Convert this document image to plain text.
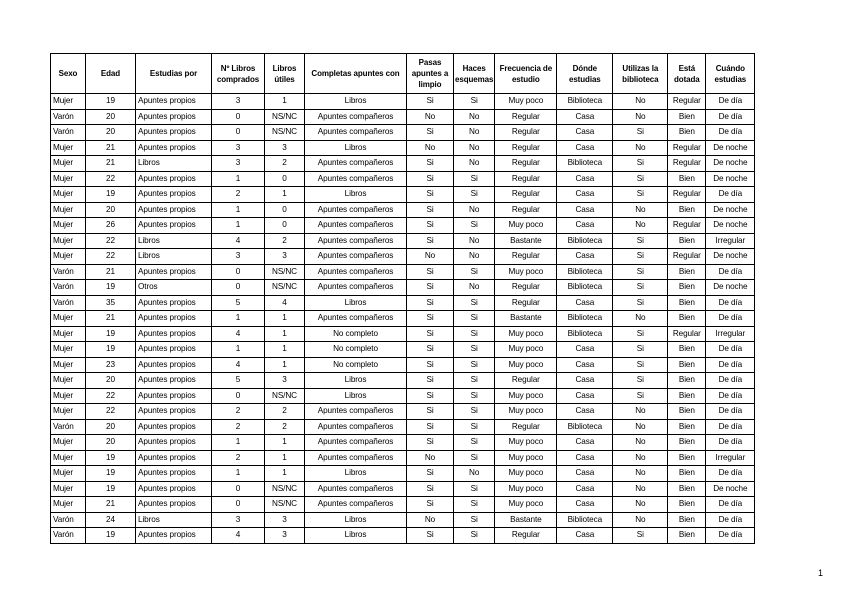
Sexo	Edad	Estudias por	Nº Libros comprados	Libros útiles	Completas apuntes con	Pasas apuntes a limpio	Haces esquemas	Frecuencia de estudio	Dónde estudias	Utilizas la biblioteca	Está dotada	Cuándo estudias
Mujer	19	Apuntes propios	3	1	Libros	Si	Si	Muy poco	Biblioteca	No	Regular	De día
Varón	20	Apuntes propios	0	NS/NC	Apuntes compañeros	No	No	Regular	Casa	No	Bien	De día
Varón	20	Apuntes propios	0	NS/NC	Apuntes compañeros	Si	No	Regular	Casa	Si	Bien	De día
Mujer	21	Apuntes propios	3	3	Libros	No	No	Regular	Casa	No	Regular	De noche
Mujer	21	Libros	3	2	Apuntes compañeros	Si	No	Regular	Biblioteca	Si	Regular	De noche
Mujer	22	Apuntes propios	1	0	Apuntes compañeros	Si	Si	Regular	Casa	Si	Bien	De noche
Mujer	19	Apuntes propios	2	1	Libros	Si	Si	Regular	Casa	Si	Regular	De día
Mujer	20	Apuntes propios	1	0	Apuntes compañeros	Si	No	Regular	Casa	No	Bien	De noche
Mujer	26	Apuntes propios	1	0	Apuntes compañeros	Si	Si	Muy poco	Casa	No	Regular	De noche
Mujer	22	Libros	4	2	Apuntes compañeros	Si	No	Bastante	Biblioteca	Si	Bien	Irregular
Mujer	22	Libros	3	3	Apuntes compañeros	No	No	Regular	Casa	Si	Regular	De noche
Varón	21	Apuntes propios	0	NS/NC	Apuntes compañeros	Si	Si	Muy poco	Biblioteca	Si	Bien	De día
Varón	19	Otros	0	NS/NC	Apuntes compañeros	Si	No	Regular	Biblioteca	Si	Bien	De noche
Varón	35	Apuntes propios	5	4	Libros	Si	Si	Regular	Casa	Si	Bien	De día
Mujer	21	Apuntes propios	1	1	Apuntes compañeros	Si	Si	Bastante	Biblioteca	No	Bien	De día
Mujer	19	Apuntes propios	4	1	No completo	Si	Si	Muy poco	Biblioteca	Si	Regular	Irregular
Mujer	19	Apuntes propios	1	1	No completo	Si	Si	Muy poco	Casa	Si	Bien	De día
Mujer	23	Apuntes propios	4	1	No completo	Si	Si	Muy poco	Casa	Si	Bien	De día
Mujer	20	Apuntes propios	5	3	Libros	Si	Si	Regular	Casa	Si	Bien	De día
Mujer	22	Apuntes propios	0	NS/NC	Libros	Si	Si	Muy poco	Casa	Si	Bien	De día
Mujer	22	Apuntes propios	2	2	Apuntes compañeros	Si	Si	Muy poco	Casa	No	Bien	De día
Varón	20	Apuntes propios	2	2	Apuntes compañeros	Si	Si	Regular	Biblioteca	No	Bien	De día
Mujer	20	Apuntes propios	1	1	Apuntes compañeros	Si	Si	Muy poco	Casa	No	Bien	De día
Mujer	19	Apuntes propios	2	1	Apuntes compañeros	No	Si	Muy poco	Casa	No	Bien	Irregular
Mujer	19	Apuntes propios	1	1	Libros	Si	No	Muy poco	Casa	No	Bien	De día
Mujer	19	Apuntes propios	0	NS/NC	Apuntes compañeros	Si	Si	Muy poco	Casa	No	Bien	De noche
Mujer	21	Apuntes propios	0	NS/NC	Apuntes compañeros	Si	Si	Muy poco	Casa	No	Bien	De día
Varón	24	Libros	3	3	Libros	No	Si	Bastante	Biblioteca	No	Bien	De día
Varón	19	Apuntes propios	4	3	Libros	Si	Si	Regular	Casa	Si	Bien	De día
1
